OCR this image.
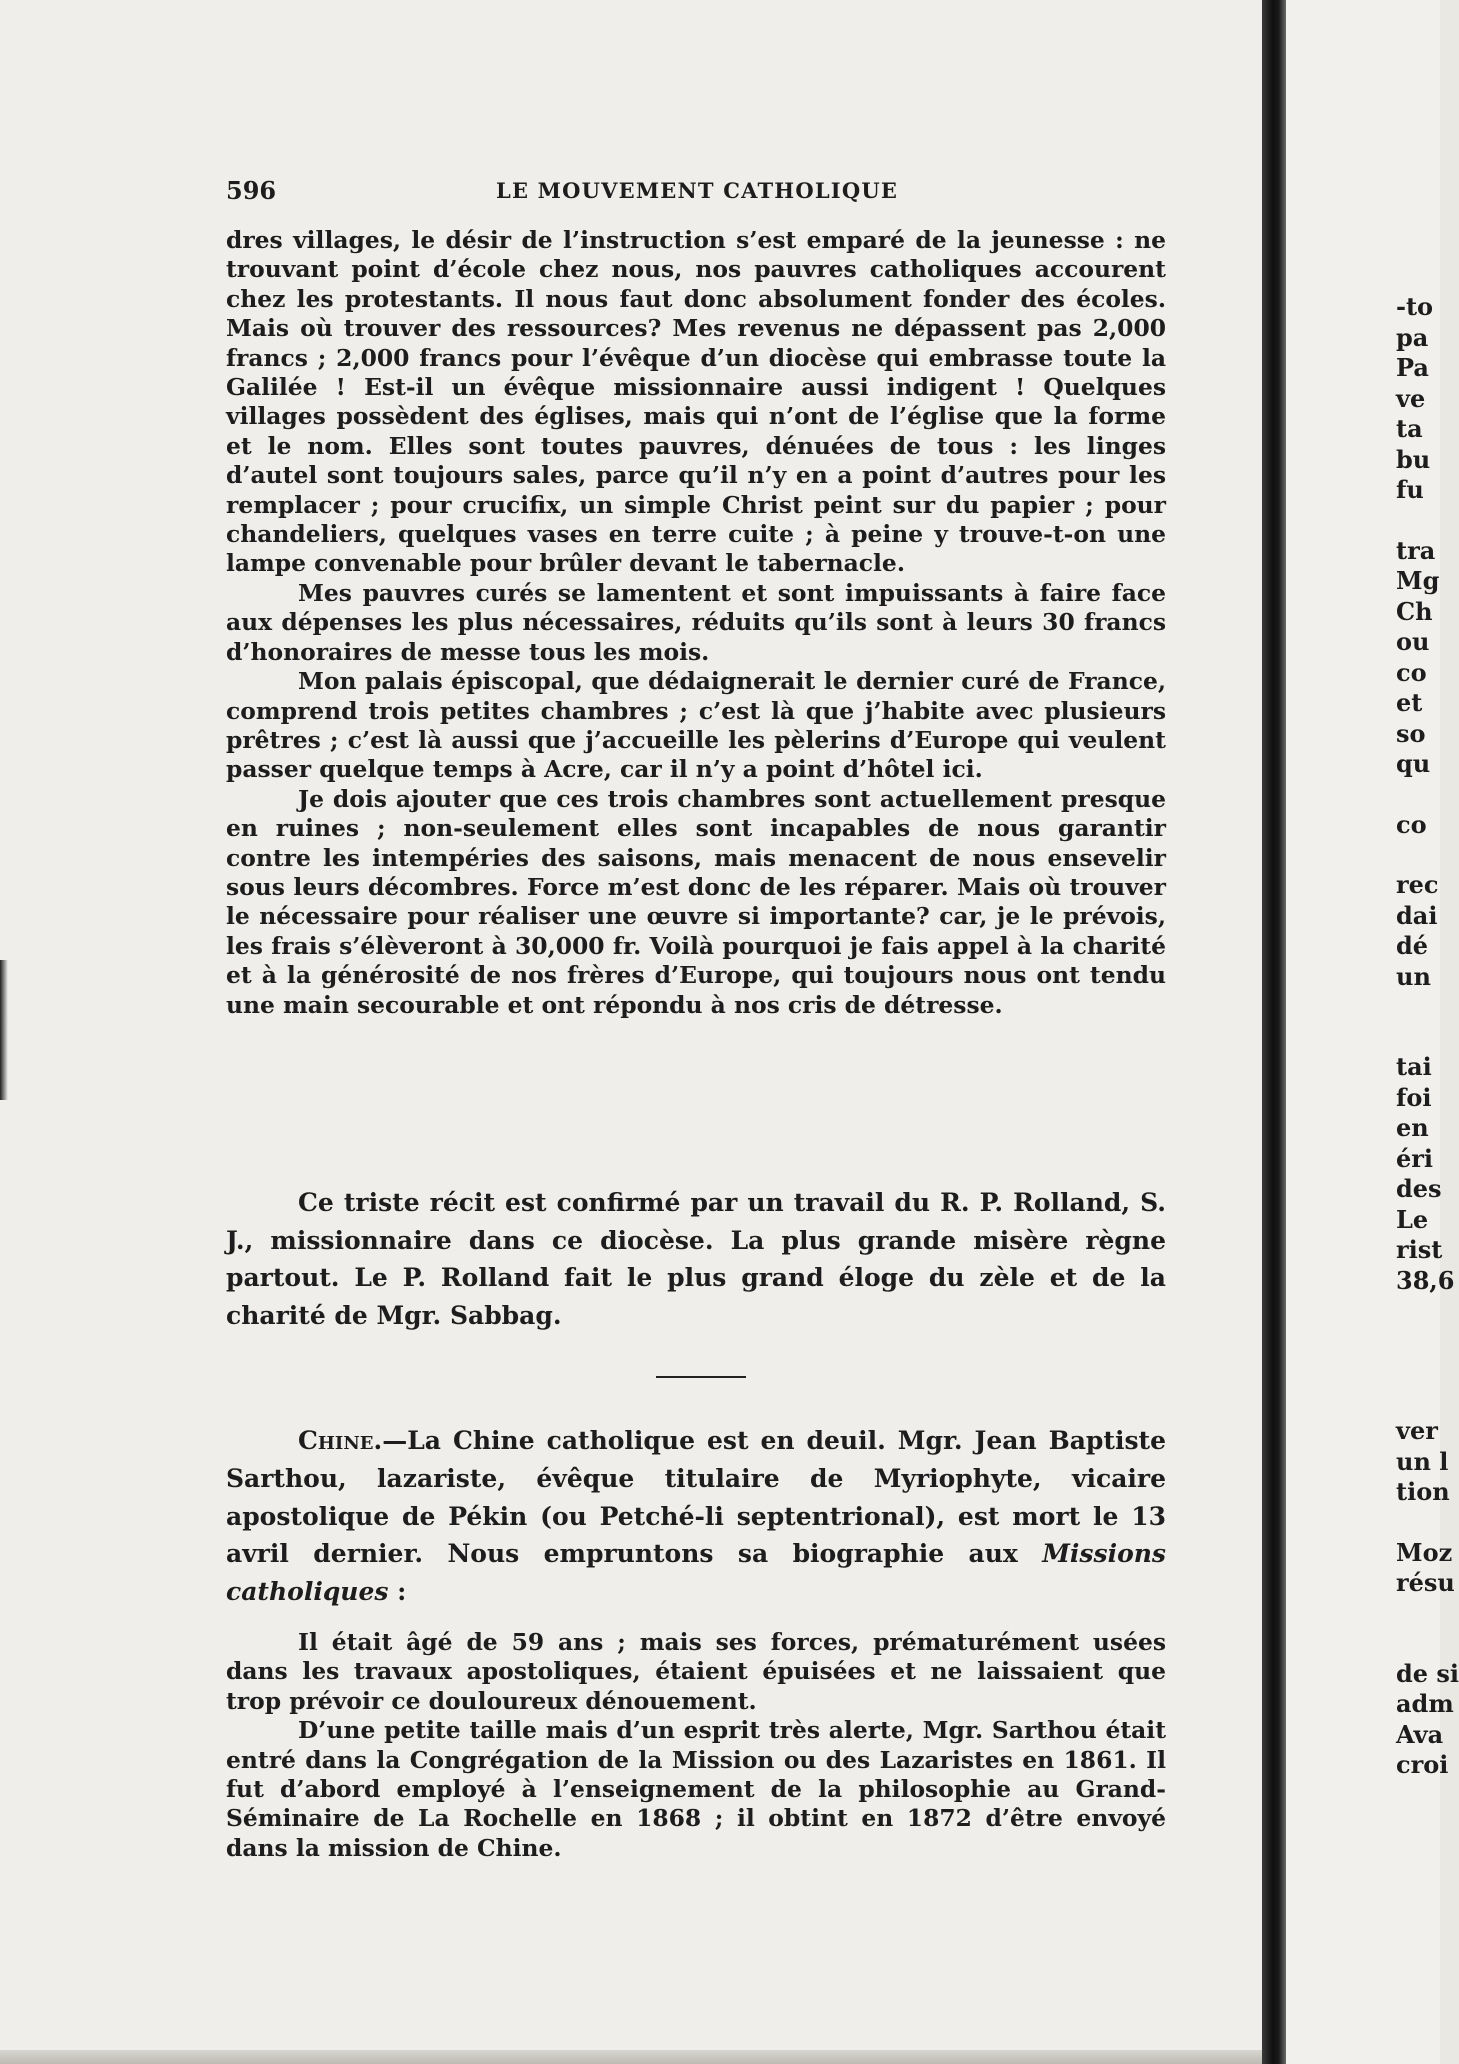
596	LE MOUVEMENT CATHOLIQUE

dres villages, le désir de l’instruction s’est emparé de la jeunesse : ne trouvant point d’école chez nous, nos pauvres catholiques accourent chez les protestants. Il nous faut donc absolument fonder des écoles. Mais où trouver des ressources? Mes revenus ne dépassent pas 2,000 francs ; 2,000 francs pour l’évêque d’un diocèse qui embrasse toute la Galilée ! Est-il un évêque missionnaire aussi indigent ! Quelques villages possèdent des églises, mais qui n’ont de l’église que la forme et le nom. Elles sont toutes pauvres, dénuées de tous : les linges d’autel sont toujours sales, parce qu’il n’y en a point d’autres pour les remplacer ; pour crucifix, un simple Christ peint sur du papier ; pour chandeliers, quelques vases en terre cuite ; à peine y trouve-t-on une lampe convenable pour brûler devant le tabernacle.

Mes pauvres curés se lamentent et sont impuissants à faire face aux dépenses les plus nécessaires, réduits qu’ils sont à leurs 30 francs d’honoraires de messe tous les mois.

Mon palais épiscopal, que dédaignerait le dernier curé de France, comprend trois petites chambres ; c’est là que j’habite avec plusieurs prêtres ; c’est là aussi que j’accueille les pèlerins d’Europe qui veulent passer quelque temps à Acre, car il n’y a point d’hôtel ici.

Je dois ajouter que ces trois chambres sont actuellement presque en ruines ; non-seulement elles sont incapables de nous garantir contre les intempéries des saisons, mais menacent de nous ensevelir sous leurs décombres. Force m’est donc de les réparer. Mais où trouver le nécessaire pour réaliser une œuvre si importante? car, je le prévois, les frais s’élèveront à 30,000 fr. Voilà pourquoi je fais appel à la charité et à la générosité de nos frères d’Europe, qui toujours nous ont tendu une main secourable et ont répondu à nos cris de détresse.

Ce triste récit est confirmé par un travail du R. P. Rolland, S. J., missionnaire dans ce diocèse. La plus grande misère règne partout. Le P. Rolland fait le plus grand éloge du zèle et de la charité de Mgr. Sabbag.
Chine.—La Chine catholique est en deuil. Mgr. Jean Baptiste Sarthou, lazariste, évêque titulaire de Myriophyte, vicaire apostolique de Pékin (ou Petché-li septentrional), est mort le 13 avril dernier. Nous empruntons sa biographie aux Missions catholiques :

Il était âgé de 59 ans ; mais ses forces, prématurément usées dans les travaux apostoliques, étaient épuisées et ne laissaient que trop prévoir ce douloureux dénouement.

D’une petite taille mais d’un esprit très alerte, Mgr. Sarthou était entré dans la Congrégation de la Mission ou des Lazaristes en 1861. Il fut d’abord employé à l’enseignement de la philosophie au Grand-Séminaire de La Rochelle en 1868 ; il obtint en 1872 d’être envoyé dans la mission de Chine.

-to
pa
Pa
ve
ta
bu
fu
tra
Mg
Ch
ou
co
et
so
qu
co
rec
dai
dé
un
tai
foi
en
éri
des
Le
rist
38,6
ver
un l
tion
Moz
résu
de si
adm
Ava
croi
